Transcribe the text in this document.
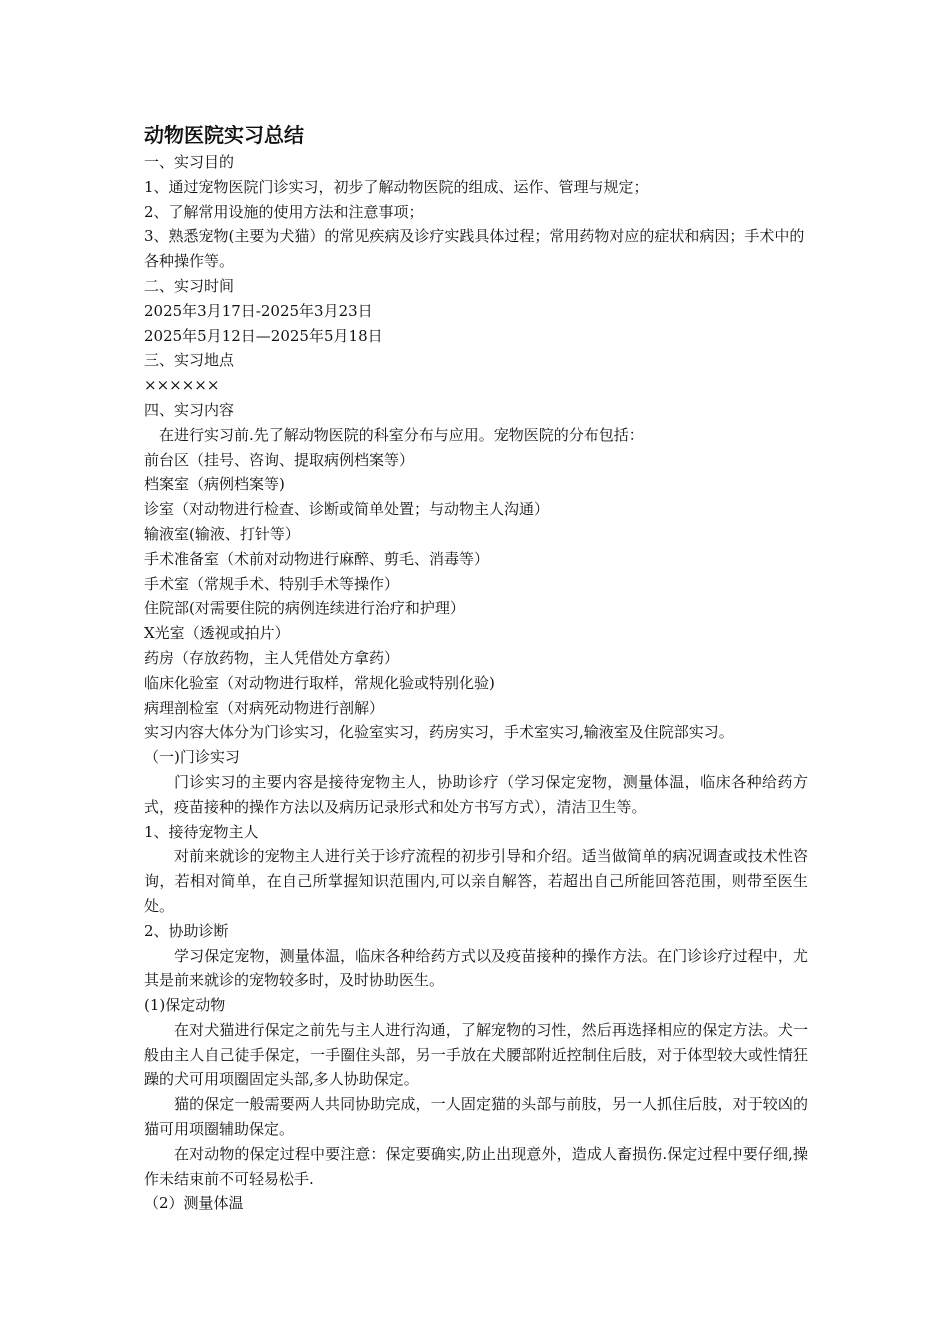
动物医院实习总结
一、实习目的
1、通过宠物医院门诊实习，初步了解动物医院的组成、运作、管理与规定；
2、了解常用设施的使用方法和注意事项；
3、熟悉宠物(主要为犬猫）的常见疾病及诊疗实践具体过程；常用药物对应的症状和病因；手术中的各种操作等。
二、实习时间
2025年3月17日-2025年3月23日
2025年5月12日—2025年5月18日
三、实习地点
××××××
四、实习内容
在进行实习前.先了解动物医院的科室分布与应用。宠物医院的分布包括：
前台区（挂号、咨询、提取病例档案等）
档案室（病例档案等)
诊室（对动物进行检查、诊断或简单处置；与动物主人沟通）
输液室(输液、打针等）
手术准备室（术前对动物进行麻醉、剪毛、消毒等）
手术室（常规手术、特别手术等操作）
住院部(对需要住院的病例连续进行治疗和护理）
X光室（透视或拍片）
药房（存放药物，主人凭借处方拿药）
临床化验室（对动物进行取样，常规化验或特别化验)
病理剖检室（对病死动物进行剖解）
实习内容大体分为门诊实习，化验室实习，药房实习，手术室实习,输液室及住院部实习。
（一)门诊实习
门诊实习的主要内容是接待宠物主人，协助诊疗（学习保定宠物，测量体温，临床各种给药方式，疫苗接种的操作方法以及病历记录形式和处方书写方式），清洁卫生等。
1、接待宠物主人
对前来就诊的宠物主人进行关于诊疗流程的初步引导和介绍。适当做简单的病况调查或技术性咨询，若相对简单，在自己所掌握知识范围内,可以亲自解答，若超出自己所能回答范围，则带至医生处。
2、协助诊断
学习保定宠物，测量体温，临床各种给药方式以及疫苗接种的操作方法。在门诊诊疗过程中，尤其是前来就诊的宠物较多时，及时协助医生。
(1)保定动物
在对犬猫进行保定之前先与主人进行沟通，了解宠物的习性，然后再选择相应的保定方法。犬一般由主人自己徒手保定，一手圈住头部，另一手放在犬腰部附近控制住后肢，对于体型较大或性情狂躁的犬可用项圈固定头部,多人协助保定。
猫的保定一般需要两人共同协助完成，一人固定猫的头部与前肢，另一人抓住后肢，对于较凶的猫可用项圈辅助保定。
在对动物的保定过程中要注意：保定要确实,防止出现意外，造成人畜损伤.保定过程中要仔细,操作未结束前不可轻易松手.
（2）测量体温
